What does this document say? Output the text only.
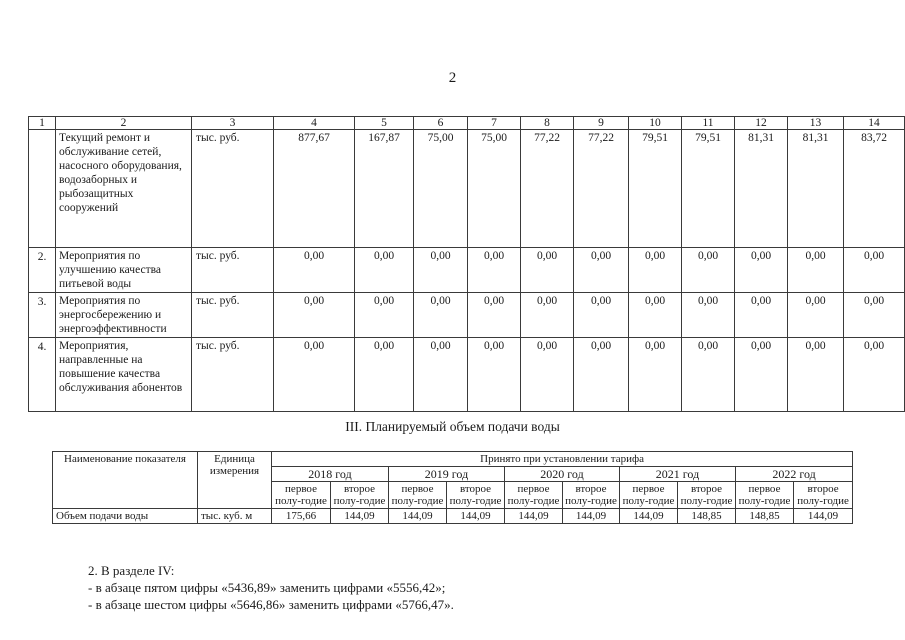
2
1	2	3	4	5	6	7	8	9	10	11	12	13	14
	Текущий ремонт и обслуживание сетей, насосного оборудования, водозаборных и рыбозащитных сооружений	тыс. руб.	877,67	167,87	75,00	75,00	77,22	77,22	79,51	79,51	81,31	81,31	83,72
2.	Мероприятия по улучшению качества питьевой воды	тыс. руб.	0,00	0,00	0,00	0,00	0,00	0,00	0,00	0,00	0,00	0,00	0,00
3.	Мероприятия по энергосбережению и энергоэффективности	тыс. руб.	0,00	0,00	0,00	0,00	0,00	0,00	0,00	0,00	0,00	0,00	0,00
4.	Мероприятия, направленные на повышение качества обслуживания абонентов	тыс. руб.	0,00	0,00	0,00	0,00	0,00	0,00	0,00	0,00	0,00	0,00	0,00
III. Планируемый объем подачи воды
Наименование показателя	Единица измерения	Принято при установлении тарифа									
		2018 год		2019 год		2020 год		2021 год		2022 год	
		первое полу-годие	второе полу-годие	первое полу-годие	второе полу-годие	первое полу-годие	второе полу-годие	первое полу-годие	второе полу-годие	первое полу-годие	второе полу-годие
Объем подачи воды	тыс. куб. м	175,66	144,09	144,09	144,09	144,09	144,09	144,09	148,85	148,85	144,09
2. В разделе IV:
- в абзаце пятом цифры «5436,89» заменить цифрами «5556,42»;
- в абзаце шестом цифры «5646,86» заменить цифрами «5766,47».
